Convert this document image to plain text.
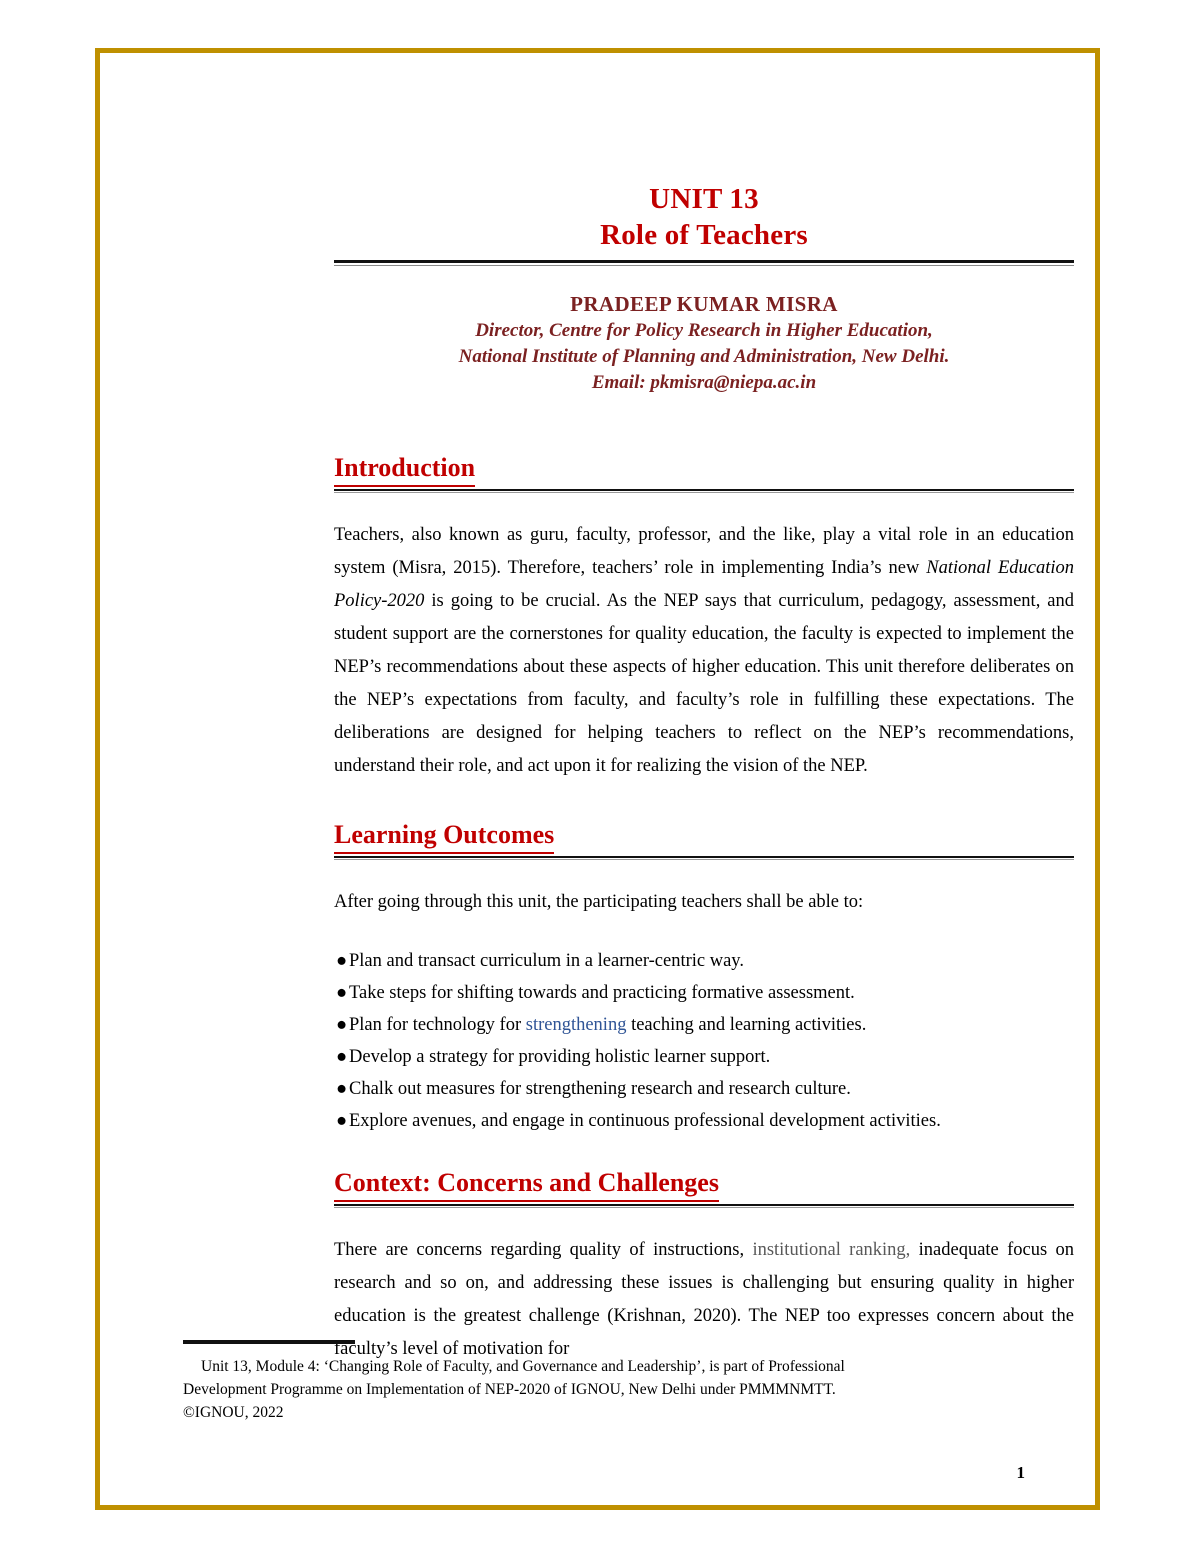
UNIT 13
Role of Teachers
PRADEEP KUMAR MISRA
Director, Centre for Policy Research in Higher Education,
National Institute of Planning and Administration, New Delhi.
Email: pkmisra@niepa.ac.in
Introduction

Teachers, also known as guru, faculty, professor, and the like, play a vital role in an education system (Misra, 2015). Therefore, teachers’ role in implementing India’s new National Education Policy-2020 is going to be crucial. As the NEP says that curriculum, pedagogy, assessment, and student support are the cornerstones for quality education, the faculty is expected to implement the NEP’s recommendations about these aspects of higher education. This unit therefore deliberates on the NEP’s expectations from faculty, and faculty’s role in fulfilling these expectations. The deliberations are designed for helping teachers to reflect on the NEP’s recommendations, understand their role, and act upon it for realizing the vision of the NEP.

Learning Outcomes

After going through this unit, the participating teachers shall be able to:

● Plan and transact curriculum in a learner-centric way.
● Take steps for shifting towards and practicing formative assessment.
● Plan for technology for strengthening teaching and learning activities.
● Develop a strategy for providing holistic learner support.
● Chalk out measures for strengthening research and research culture.
● Explore avenues, and engage in continuous professional development activities.
Context: Concerns and Challenges

There are concerns regarding quality of instructions, institutional ranking, inadequate focus on research and so on, and addressing these issues is challenging but ensuring quality in higher education is the greatest challenge (Krishnan, 2020). The NEP too expresses concern about the faculty’s level of motivation for

Unit 13, Module 4: ‘Changing Role of Faculty, and Governance and Leadership’, is part of Professional
Development Programme on Implementation of NEP-2020 of IGNOU, New Delhi under PMMMNMTT.
©IGNOU, 2022
1
